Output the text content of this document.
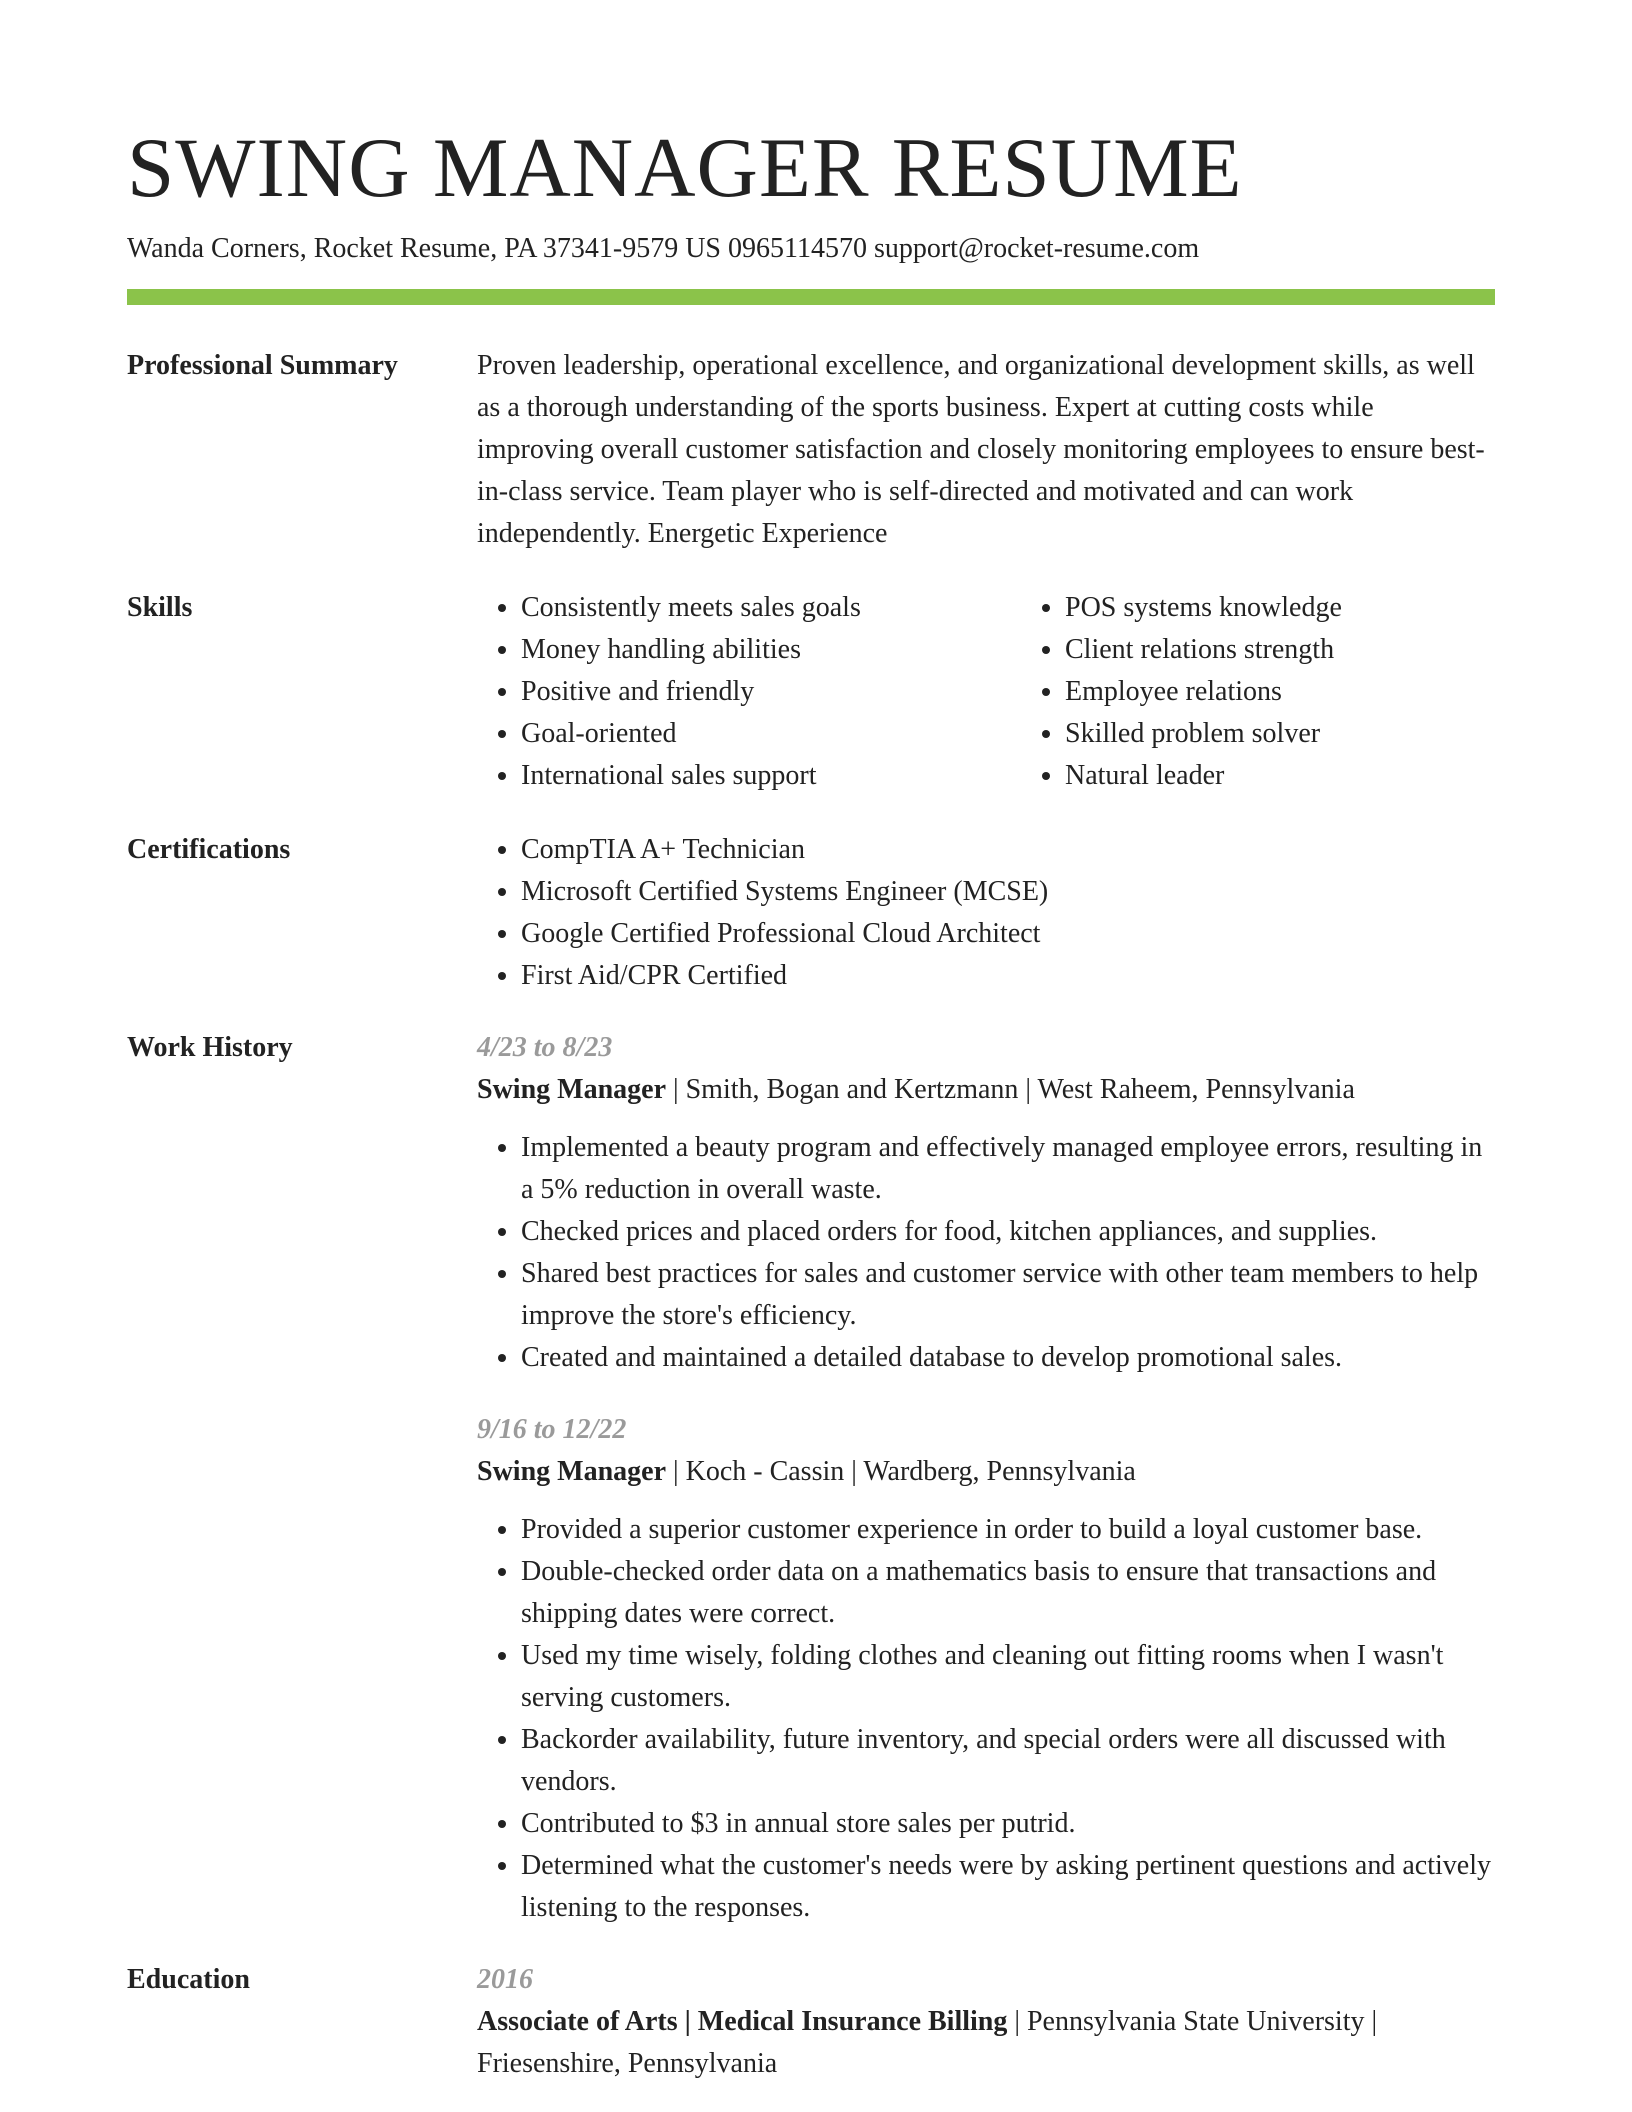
SWING MANAGER RESUME
Wanda Corners, Rocket Resume, PA 37341-9579 US 0965114570 support@rocket-resume.com
Professional Summary	Proven leadership, operational excellence, and organizational development skills, as well as a thorough understanding of the sports business. Expert at cutting costs while improving overall customer satisfaction and closely monitoring employees to ensure best-in-class service. Team player who is self-directed and motivated and can work independently. Energetic Experience

Skills	• Consistently meets sales goals
• Money handling abilities
• Positive and friendly
• Goal-oriented
• International sales support
• POS systems knowledge
• Client relations strength
• Employee relations
• Skilled problem solver
• Natural leader
Certifications	• CompTIA A+ Technician
• Microsoft Certified Systems Engineer (MCSE)
• Google Certified Professional Cloud Architect
• First Aid/CPR Certified
Work History	4/23 to 8/23
Swing Manager | Smith, Bogan and Kertzmann | West Raheem, Pennsylvania
• Implemented a beauty program and effectively managed employee errors, resulting in a 5% reduction in overall waste.
• Checked prices and placed orders for food, kitchen appliances, and supplies.
• Shared best practices for sales and customer service with other team members to help improve the store's efficiency.
• Created and maintained a detailed database to develop promotional sales.
9/16 to 12/22
Swing Manager | Koch - Cassin | Wardberg, Pennsylvania
• Provided a superior customer experience in order to build a loyal customer base.
• Double-checked order data on a mathematics basis to ensure that transactions and shipping dates were correct.
• Used my time wisely, folding clothes and cleaning out fitting rooms when I wasn't serving customers.
• Backorder availability, future inventory, and special orders were all discussed with vendors.
• Contributed to $3 in annual store sales per putrid.
• Determined what the customer's needs were by asking pertinent questions and actively listening to the responses.
Education	2016
Associate of Arts | Medical Insurance Billing | Pennsylvania State University | Friesenshire, Pennsylvania
